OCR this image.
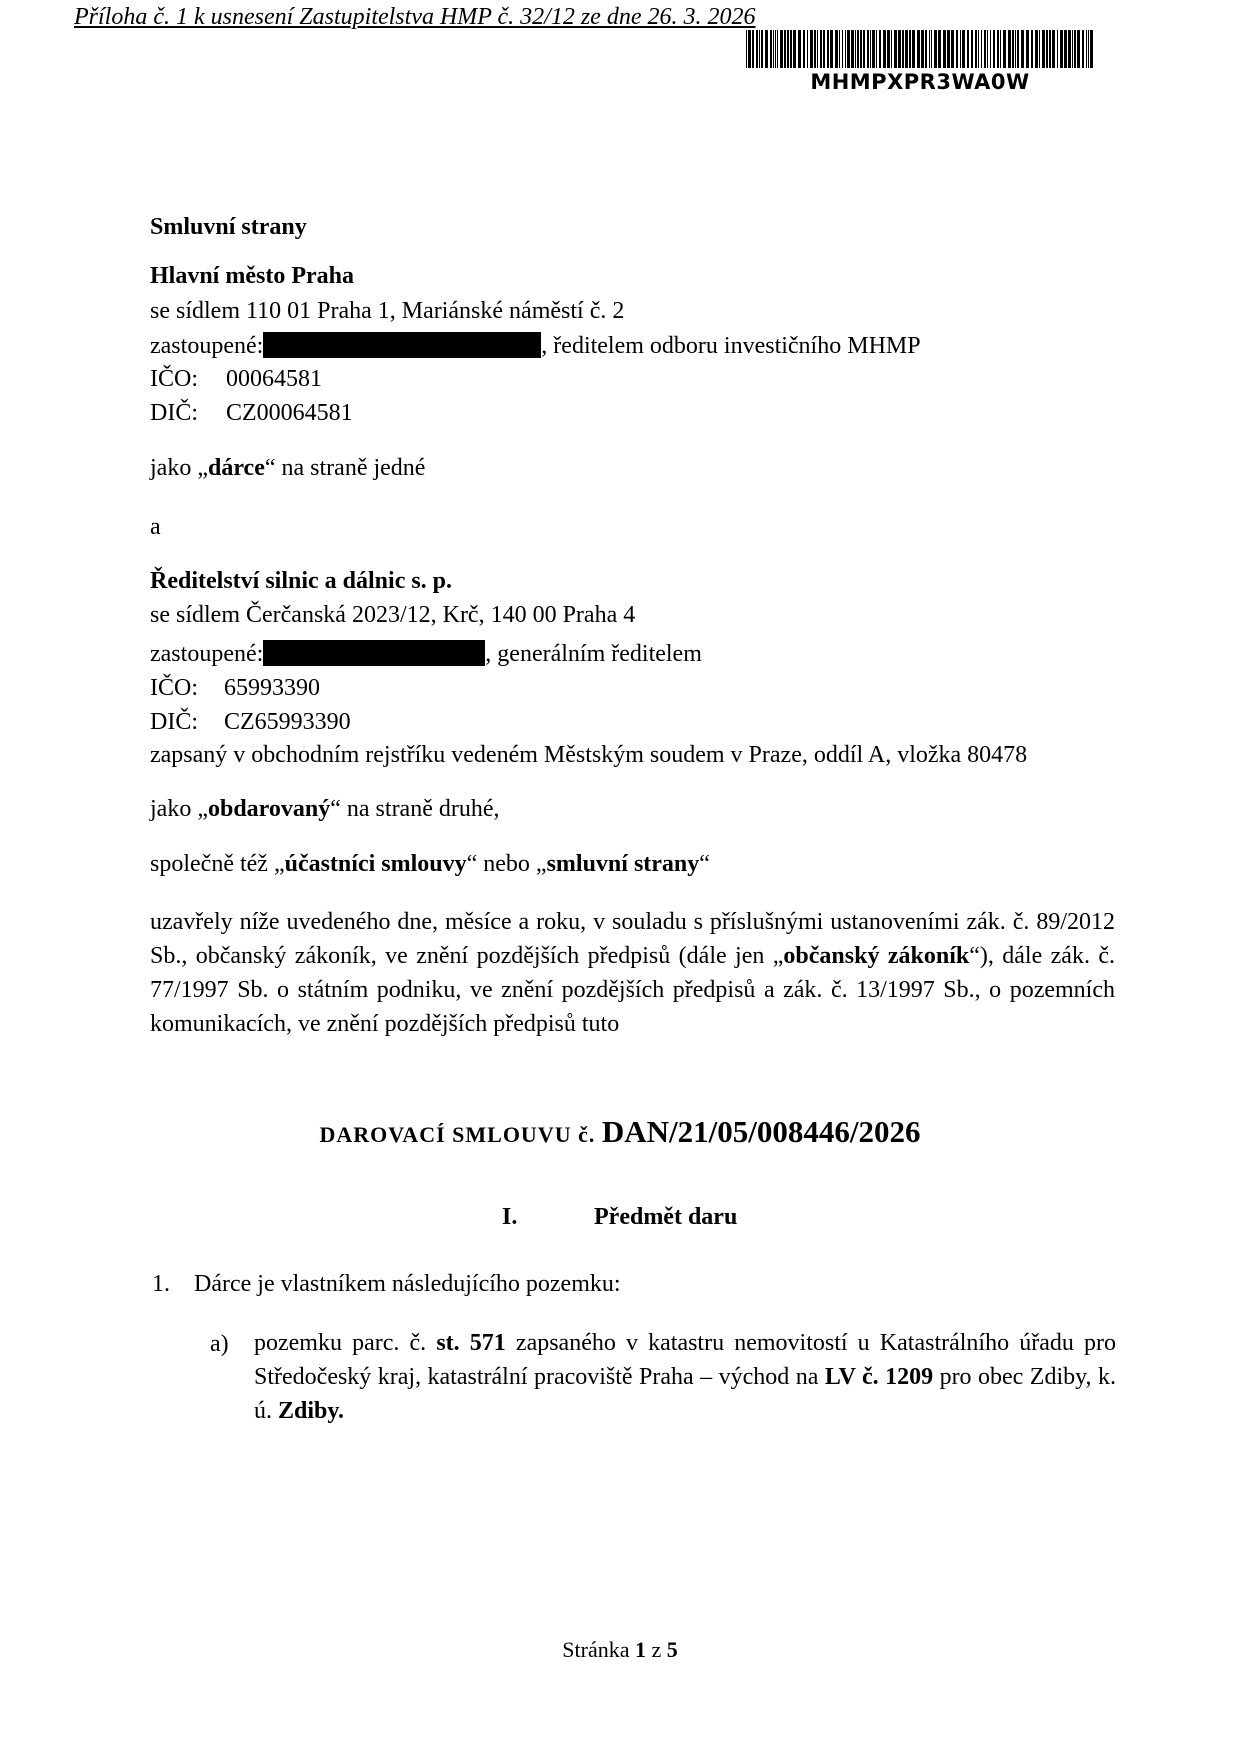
Příloha č. 1 k usnesení Zastupitelstva HMP č. 32/12 ze dne 26. 3. 2026
MHMPXPR3WA0W
Smluvní strany
Hlavní město Praha
se sídlem 110 01 Praha 1, Mariánské náměstí č. 2
zastoupené:	, ředitelem odboru investičního MHMP
IČO: 00064581
DIČ: CZ00064581
jako „dárce“ na straně jedné
a
Ředitelství silnic a dálnic s. p.
se sídlem Čerčanská 2023/12, Krč, 140 00 Praha 4
zastoupené:	, generálním ředitelem
IČO: 65993390
DIČ: CZ65993390
zapsaný v obchodním rejstříku vedeném Městským soudem v Praze, oddíl A, vložka 80478
jako „obdarovaný“ na straně druhé,
společně též „účastníci smlouvy“ nebo „smluvní strany“
uzavřely níže uvedeného dne, měsíce a roku, v souladu s příslušnými ustanoveními zák. č. 89/2012 Sb., občanský zákoník, ve znění pozdějších předpisů (dále jen „občanský zákoník“), dále zák. č. 77/1997 Sb. o státním podniku, ve znění pozdějších předpisů a zák. č. 13/1997 Sb., o pozemních komunikacích, ve znění pozdějších předpisů tuto
DAROVACÍ SMLOUVU č. DAN/21/05/008446/2026
I.	Předmět daru
1. Dárce je vlastníkem následujícího pozemku:
a) pozemku parc. č. st. 571 zapsaného v katastru nemovitostí u Katastrálního úřadu pro Středočeský kraj, katastrální pracoviště Praha – východ na LV č. 1209 pro obec Zdiby, k. ú. Zdiby.
Stránka 1 z 5
